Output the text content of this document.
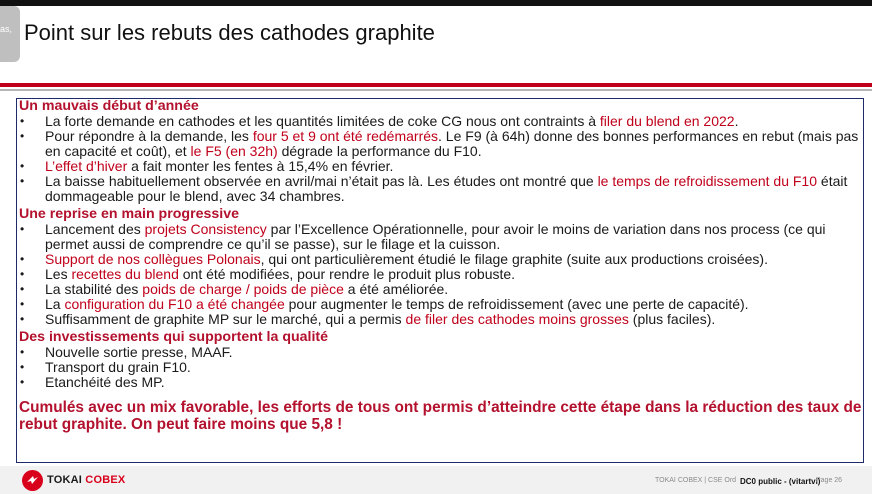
as, Point sur les rebuts des cathodes graphite
Un mauvais début d’année
• La forte demande en cathodes et les quantités limitées de coke CG nous ont contraints à filer du blend en 2022.
• Pour répondre à la demande, les four 5 et 9 ont été redémarrés. Le F9 (à 64h) donne des bonnes performances en rebut (mais pas en capacité et coût), et le F5 (en 32h) dégrade la performance du F10.
• L’effet d’hiver a fait monter les fentes à 15,4% en février.
• La baisse habituellement observée en avril/mai n’était pas là. Les études ont montré que le temps de refroidissement du F10 était dommageable pour le blend, avec 34 chambres.
Une reprise en main progressive
• Lancement des projets Consistency par l’Excellence Opérationnelle, pour avoir le moins de variation dans nos process (ce qui permet aussi de comprendre ce qu’il se passe), sur le filage et la cuisson.
• Support de nos collègues Polonais, qui ont particulièrement étudié le filage graphite (suite aux productions croisées).
• Les recettes du blend ont été modifiées, pour rendre le produit plus robuste.
• La stabilité des poids de charge / poids de pièce a été améliorée.
• La configuration du F10 a été changée pour augmenter le temps de refroidissement (avec une perte de capacité).
• Suffisamment de graphite MP sur le marché, qui a permis de filer des cathodes moins grosses (plus faciles).
Des investissements qui supportent la qualité
• Nouvelle sortie presse, MAAF.
• Transport du grain F10.
• Etanchéité des MP.

Cumulés avec un mix favorable, les efforts de tous ont permis d’atteindre cette étape dans la réduction des taux de rebut graphite. On peut faire moins que 5,8 !

TOKAI COBEX	TOKAI COBEX | CSE Ord DC0 public - (vitartvi)
Page 26
